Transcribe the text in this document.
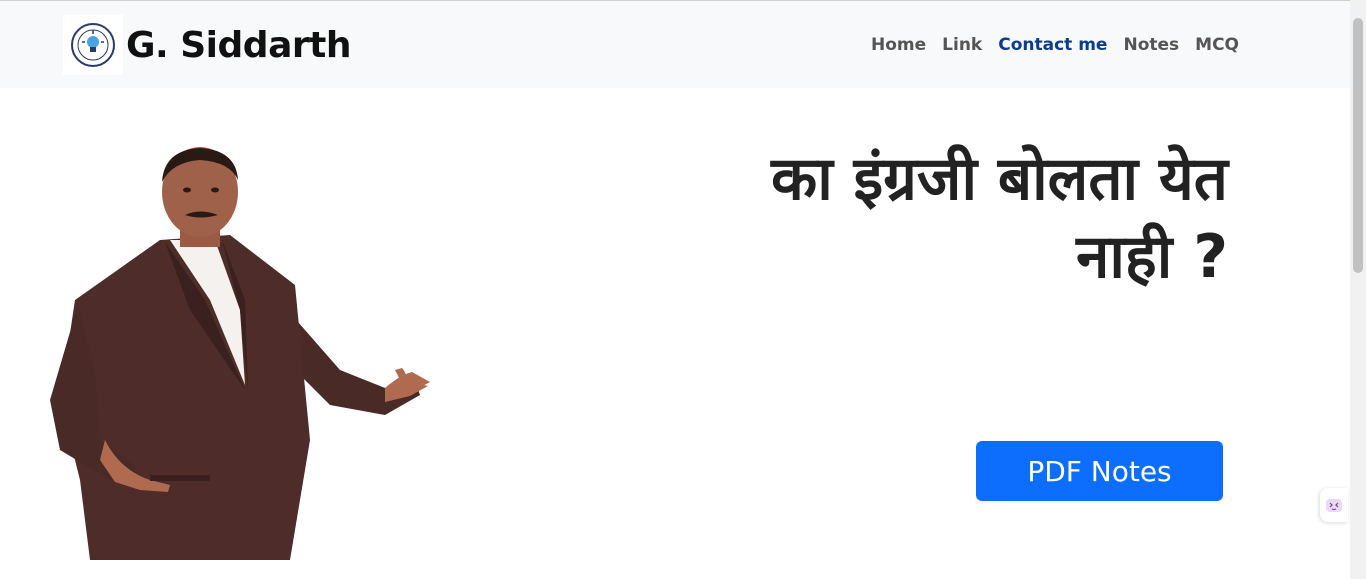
G. Siddarth	Home Link Contact me Notes MCQ
का इंग्रजी बोलता येत
नाही ?
PDF Notes
